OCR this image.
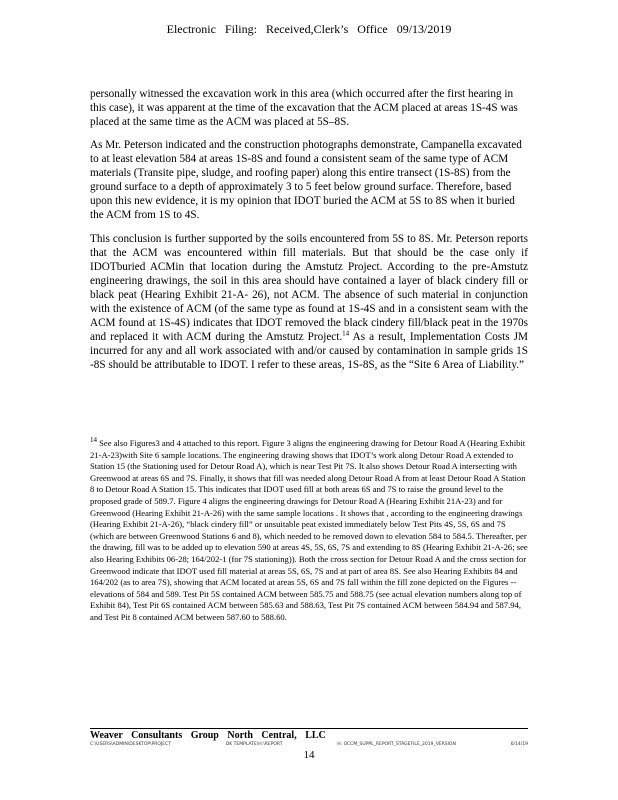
Electronic Filing: Received,Clerk’s Office 09/13/2019

personally witnessed the excavation work in this area (which occurred after the first hearing in this case), it was apparent at the time of the excavation that the ACM placed at areas 1S-4S was placed at the same time as the ACM was placed at 5S–8S.

As Mr. Peterson indicated and the construction photographs demonstrate, Campanella excavated to at least elevation 584 at areas 1S-8S and found a consistent seam of the same type of ACM materials (Transite pipe, sludge, and roofing paper) along this entire transect (1S-8S) from the ground surface to a depth of approximately 3 to 5 feet below ground surface. Therefore, based upon this new evidence, it is my opinion that IDOT buried the ACM at 5S to 8S when it buried the ACM from 1S to 4S.

This conclusion is further supported by the soils encountered from 5S to 8S. Mr. Peterson reports that the ACM was encountered within fill materials. But that should be the case only if IDOTburied ACMin that location during the Amstutz Project. According to the pre-Amstutz engineering drawings, the soil in this area should have contained a layer of black cindery fill or black peat (Hearing Exhibit 21-A- 26), not ACM. The absence of such material in conjunction with the existence of ACM (of the same type as found at 1S-4S and in a consistent seam with the ACM found at 1S-4S) indicates that IDOT removed the black cindery fill/black peat in the 1970s and replaced it with ACM during the Amstutz Project.$^{14}$ As a result, Implementation Costs JM incurred for any and all work associated with and/or caused by contamination in sample grids 1S -8S should be attributable to IDOT. I refer to these areas, 1S-8S, as the “Site 6 Area of Liability.”

$^{14}$ See also Figures3 and 4 attached to this report. Figure 3 aligns the engineering drawing for Detour Road A (Hearing Exhibit 21-A-23)with Site 6 sample locations. The engineering drawing shows that IDOT’s work along Detour Road A extended to Station 15 (the Stationing used for Detour Road A), which is near Test Pit 7S. It also shows Detour Road A intersecting with Greenwood at areas 6S and 7S. Finally, it shows that fill was needed along Detour Road A from at least Detour Road A Station 8 to Detour Road A Station 15. This indicates that IDOT used fill at both areas 6S and 7S to raise the ground level to the proposed grade of 589.7. Figure 4 aligns the engineering drawings for Detour Road A (Hearing Exhibit 21A-23) and for Greenwood (Hearing Exhibit 21-A-26) with the same sample locations . It shows that , according to the engineering drawings (Hearing Exhibit 21-A-26), “black cindery fill” or unsuitable peat existed immediately below Test Pits 4S, 5S, 6S and 7S (which are between Greenwood Stations 6 and 8), which needed to be removed down to elevation 584 to 584.5. Thereafter, per the drawing, fill was to be added up to elevation 590 at areas 4S, 5S, 6S, 7S and extending to 8S (Hearing Exhibit 21-A-26; see also Hearing Exhibits 06-28; 164/202-1 (for 7S stationing)). Both the cross section for Detour Road A and the cross section for Greenwood indicate that IDOT used fill material at areas 5S, 6S, 7S and at part of area 8S. See also Hearing Exhibits 84 and 164/202 (as to area 7S), showing that ACM located at areas 5S, 6S and 7S fall within the fill zone depicted on the Figures -- elevations of 584 and 589. Test Pit 5S contained ACM between 585.75 and 588.75 (see actual elevation numbers along top of Exhibit 84), Test Pit 6S contained ACM between 585.63 and 588.63, Test Pit 7S contained ACM between 584.94 and 587.94, and Test Pit 8 contained ACM between 587.60 to 588.60.
Weaver Consultants Group North Central, LLC
C:\USERS\ADMIN\DESKTOP\PROJECT	DK TEMPLATE\H:\REPORT	H: OCCM_SUPPL_REPORT_STAGEFILE_2019_VERSION	6/14/19
14
